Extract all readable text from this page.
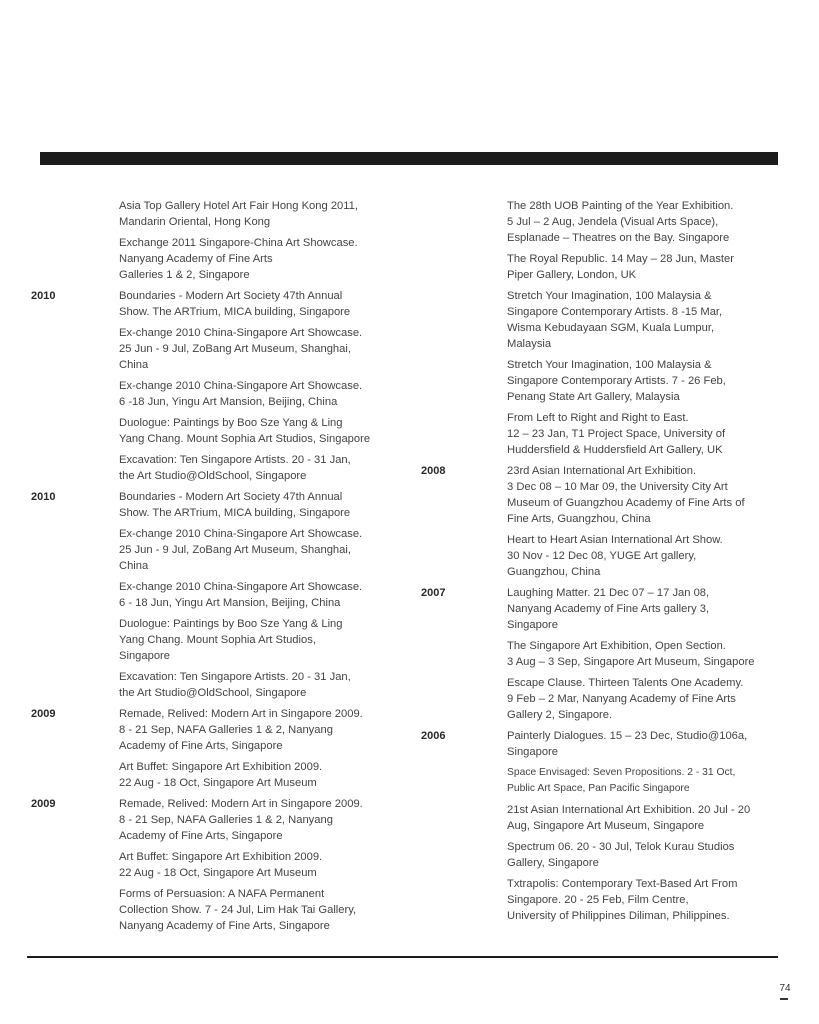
Asia Top Gallery Hotel Art Fair Hong Kong 2011,
Mandarin Oriental, Hong Kong
Exchange 2011 Singapore-China Art Showcase.
Nanyang Academy of Fine Arts
Galleries 1 & 2, Singapore
2010	Boundaries - Modern Art Society 47th Annual
Show. The ARTrium, MICA building, Singapore
Ex-change 2010 China-Singapore Art Showcase.
25 Jun - 9 Jul, ZoBang Art Museum, Shanghai,
China
Ex-change 2010 China-Singapore Art Showcase.
6 -18 Jun, Yingu Art Mansion, Beijing, China
Duologue: Paintings by Boo Sze Yang & Ling
Yang Chang. Mount Sophia Art Studios, Singapore
Excavation: Ten Singapore Artists. 20 - 31 Jan,
the Art Studio@OldSchool, Singapore
2010	Boundaries - Modern Art Society 47th Annual
Show. The ARTrium, MICA building, Singapore
Ex-change 2010 China-Singapore Art Showcase.
25 Jun - 9 Jul, ZoBang Art Museum, Shanghai,
China
Ex-change 2010 China-Singapore Art Showcase.
6 - 18 Jun, Yingu Art Mansion, Beijing, China
Duologue: Paintings by Boo Sze Yang & Ling
Yang Chang. Mount Sophia Art Studios,
Singapore
Excavation: Ten Singapore Artists. 20 - 31 Jan,
the Art Studio@OldSchool, Singapore
2009	Remade, Relived: Modern Art in Singapore 2009.
8 - 21 Sep, NAFA Galleries 1 & 2, Nanyang
Academy of Fine Arts, Singapore
Art Buffet: Singapore Art Exhibition 2009.
22 Aug - 18 Oct, Singapore Art Museum
2009	Remade, Relived: Modern Art in Singapore 2009.
8 - 21 Sep, NAFA Galleries 1 & 2, Nanyang
Academy of Fine Arts, Singapore
Art Buffet: Singapore Art Exhibition 2009.
22 Aug - 18 Oct, Singapore Art Museum
Forms of Persuasion: A NAFA Permanent
Collection Show. 7 - 24 Jul, Lim Hak Tai Gallery,
Nanyang Academy of Fine Arts, Singapore
The 28th UOB Painting of the Year Exhibition.
5 Jul – 2 Aug, Jendela (Visual Arts Space),
Esplanade – Theatres on the Bay. Singapore
The Royal Republic. 14 May – 28 Jun, Master
Piper Gallery, London, UK
Stretch Your Imagination, 100 Malaysia &
Singapore Contemporary Artists. 8 -15 Mar,
Wisma Kebudayaan SGM, Kuala Lumpur,
Malaysia
Stretch Your Imagination, 100 Malaysia &
Singapore Contemporary Artists. 7 - 26 Feb,
Penang State Art Gallery, Malaysia
From Left to Right and Right to East.
12 – 23 Jan, T1 Project Space, University of
Huddersfield & Huddersfield Art Gallery, UK
2008	23rd Asian International Art Exhibition.
3 Dec 08 – 10 Mar 09, the University City Art
Museum of Guangzhou Academy of Fine Arts of
Fine Arts, Guangzhou, China
Heart to Heart Asian International Art Show.
30 Nov - 12 Dec 08, YUGE Art gallery,
Guangzhou, China
2007	Laughing Matter. 21 Dec 07 – 17 Jan 08,
Nanyang Academy of Fine Arts gallery 3,
Singapore
The Singapore Art Exhibition, Open Section.
3 Aug – 3 Sep, Singapore Art Museum, Singapore
Escape Clause. Thirteen Talents One Academy.
9 Feb – 2 Mar, Nanyang Academy of Fine Arts
Gallery 2, Singapore.
2006	Painterly Dialogues. 15 – 23 Dec, Studio@106a,
Singapore
Space Envisaged: Seven Propositions. 2 - 31 Oct,
Public Art Space, Pan Pacific Singapore
21st Asian International Art Exhibition. 20 Jul - 20
Aug, Singapore Art Museum, Singapore
Spectrum 06. 20 - 30 Jul, Telok Kurau Studios
Gallery, Singapore
Txtrapolis: Contemporary Text-Based Art From
Singapore. 20 - 25 Feb, Film Centre,
University of Philippines Diliman, Philippines.
74
